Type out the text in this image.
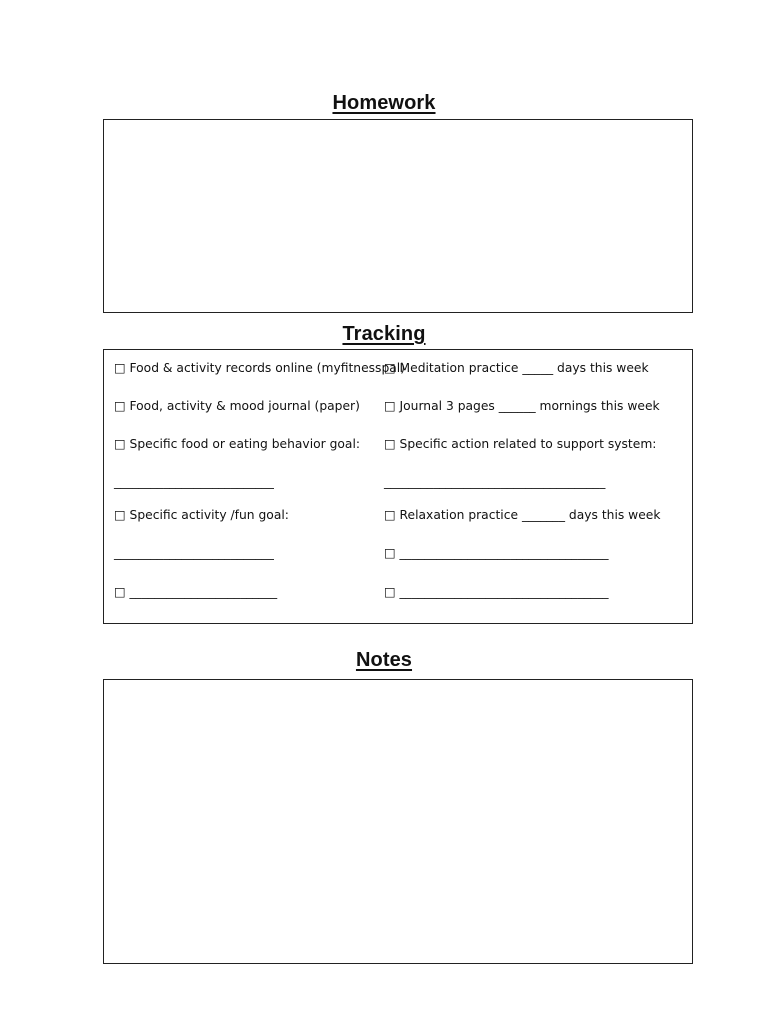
Homework
Tracking
□ Food & activity records online (myfitnesspal)
□ Food, activity & mood journal (paper)
□ Specific food or eating behavior goal:
__________________________
□ Specific activity /fun goal:
__________________________
□ ________________________
□ Meditation practice _____ days this week
□ Journal 3 pages ______ mornings this week
□ Specific action related to support system:
____________________________________
□ Relaxation practice _______ days this week
□ __________________________________
□ __________________________________
Notes
